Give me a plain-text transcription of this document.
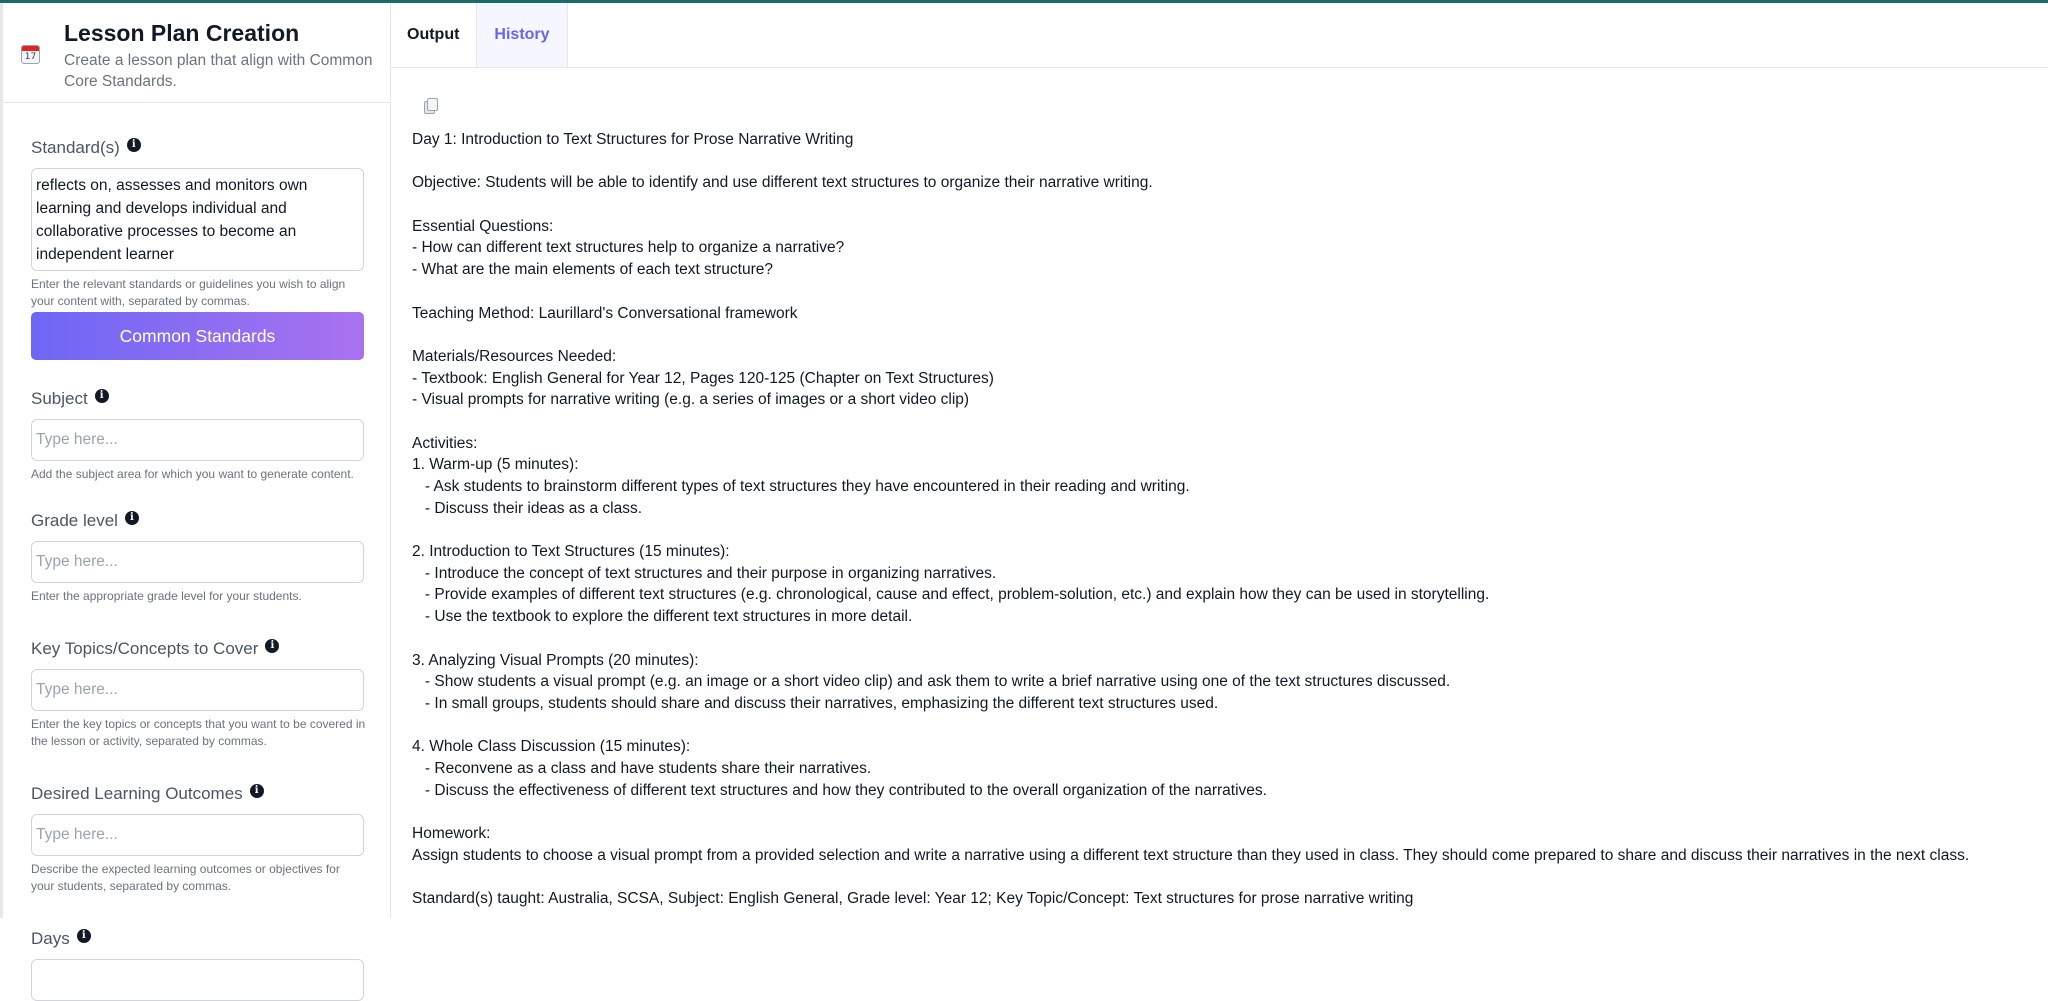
17
Lesson Plan Creation
Create a lesson plan that align with Common Core Standards.
Standard(s)	i
reflects on, assesses and monitors own learning and develops individual and collaborative processes to become an independent learner
Enter the relevant standards or guidelines you wish to align your content with, separated by commas.
Common Standards
Subject	i
Type here...
Add the subject area for which you want to generate content.
Grade level	i
Type here...
Enter the appropriate grade level for your students.
Key Topics/Concepts to Cover	i
Type here...
Enter the key topics or concepts that you want to be covered in the lesson or activity, separated by commas.
Desired Learning Outcomes	i
Type here...
Describe the expected learning outcomes or objectives for your students, separated by commas.
Days	i
Output	History
Day 1: Introduction to Text Structures for Prose Narrative Writing
Objective: Students will be able to identify and use different text structures to organize their narrative writing.
Essential Questions:
- How can different text structures help to organize a narrative?
- What are the main elements of each text structure?
Teaching Method: Laurillard's Conversational framework
Materials/Resources Needed:
- Textbook: English General for Year 12, Pages 120-125 (Chapter on Text Structures)
- Visual prompts for narrative writing (e.g. a series of images or a short video clip)
Activities:
1. Warm-up (5 minutes):
- Ask students to brainstorm different types of text structures they have encountered in their reading and writing.
- Discuss their ideas as a class.
2. Introduction to Text Structures (15 minutes):
- Introduce the concept of text structures and their purpose in organizing narratives.
- Provide examples of different text structures (e.g. chronological, cause and effect, problem-solution, etc.) and explain how they can be used in storytelling.
- Use the textbook to explore the different text structures in more detail.
3. Analyzing Visual Prompts (20 minutes):
- Show students a visual prompt (e.g. an image or a short video clip) and ask them to write a brief narrative using one of the text structures discussed.
- In small groups, students should share and discuss their narratives, emphasizing the different text structures used.
4. Whole Class Discussion (15 minutes):
- Reconvene as a class and have students share their narratives.
- Discuss the effectiveness of different text structures and how they contributed to the overall organization of the narratives.
Homework:
Assign students to choose a visual prompt from a provided selection and write a narrative using a different text structure than they used in class. They should come prepared to share and discuss their narratives in the next class.
Standard(s) taught: Australia, SCSA, Subject: English General, Grade level: Year 12; Key Topic/Concept: Text structures for prose narrative writing
